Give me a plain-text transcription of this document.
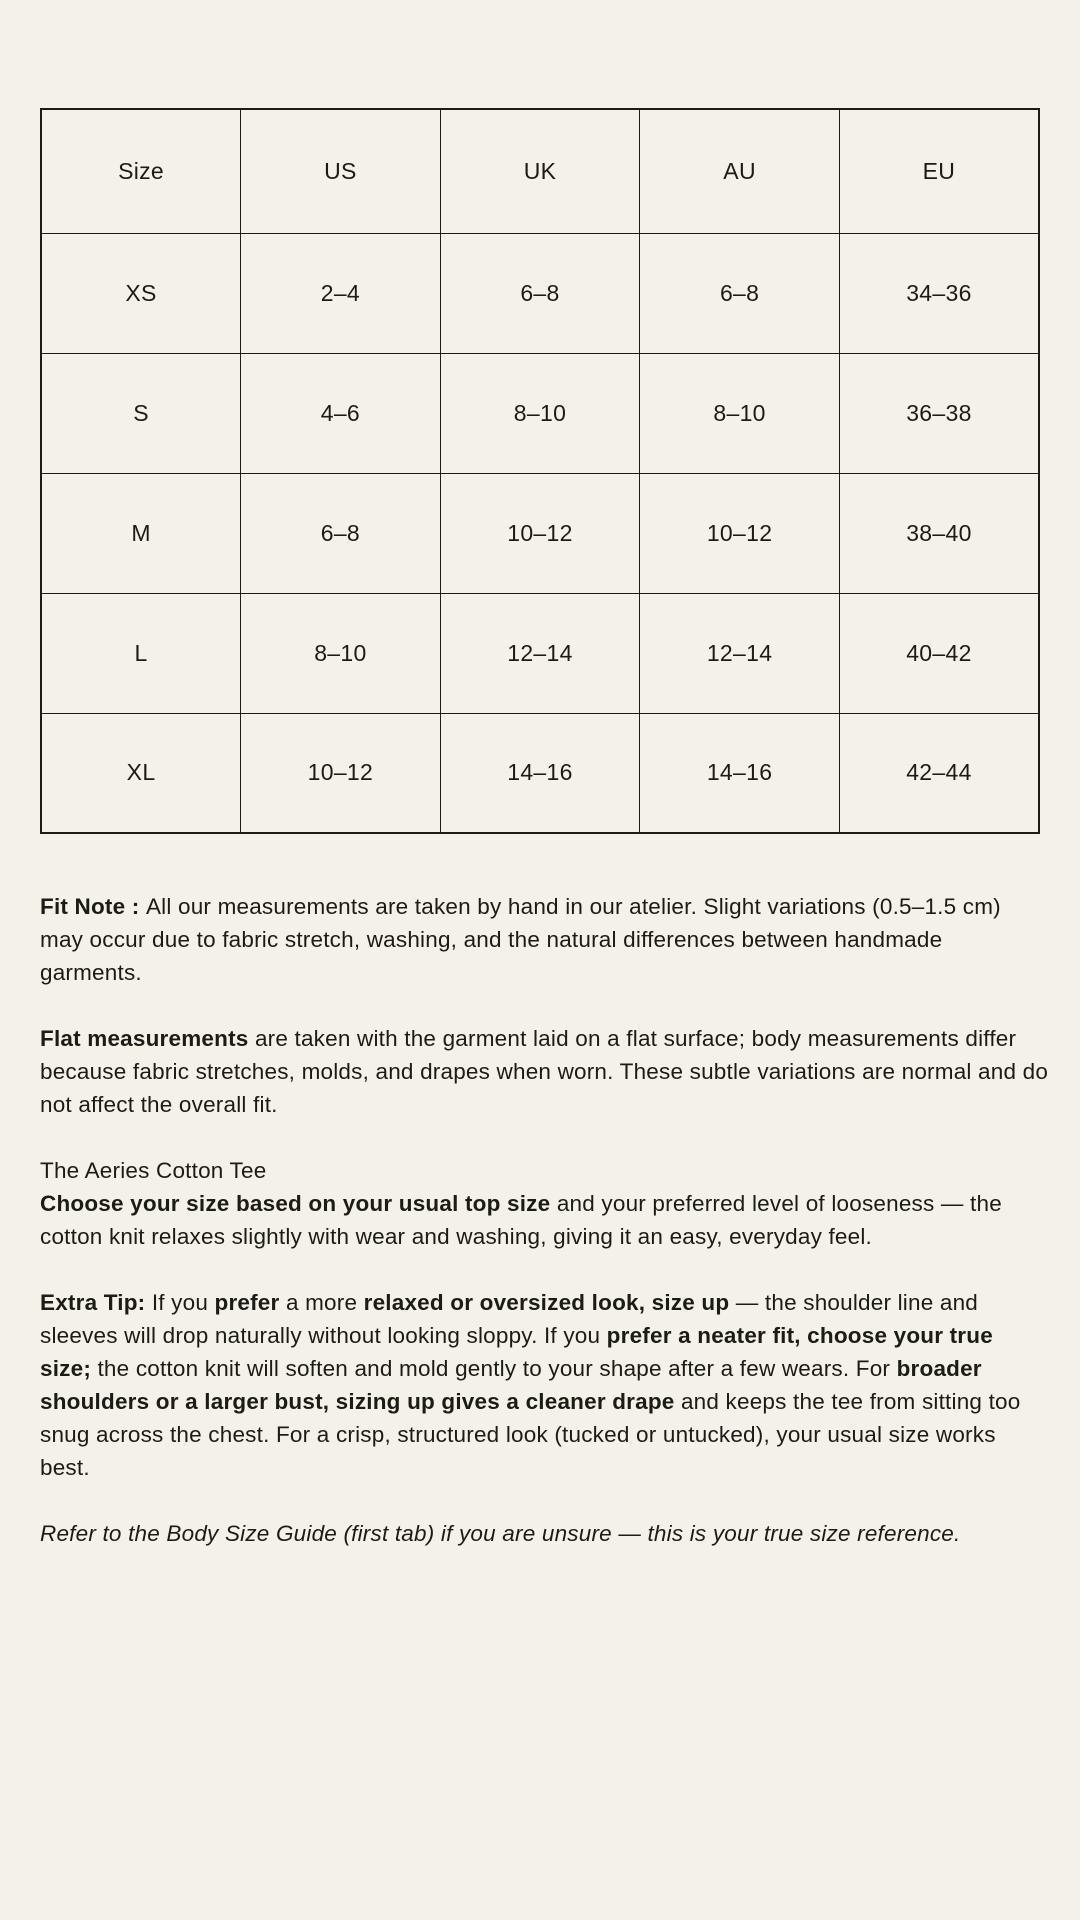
Size	US	UK	AU	EU
XS	2–4	6–8	6–8	34–36
S	4–6	8–10	8–10	36–38
M	6–8	10–12	10–12	38–40
L	8–10	12–14	12–14	40–42
XL	10–12	14–16	14–16	42–44

Fit Note : All our measurements are taken by hand in our atelier. Slight variations (0.5–1.5 cm) may occur due to fabric stretch, washing, and the natural differences between handmade garments.

Flat measurements are taken with the garment laid on a flat surface; body measurements differ because fabric stretches, molds, and drapes when worn. These subtle variations are normal and do not affect the overall fit.

The Aeries Cotton Tee
Choose your size based on your usual top size and your preferred level of looseness — the cotton knit relaxes slightly with wear and washing, giving it an easy, everyday feel.

Extra Tip: If you prefer a more relaxed or oversized look, size up — the shoulder line and sleeves will drop naturally without looking sloppy. If you prefer a neater fit, choose your true size; the cotton knit will soften and mold gently to your shape after a few wears. For broader shoulders or a larger bust, sizing up gives a cleaner drape and keeps the tee from sitting too snug across the chest. For a crisp, structured look (tucked or untucked), your usual size works best.

Refer to the Body Size Guide (first tab) if you are unsure — this is your true size reference.
